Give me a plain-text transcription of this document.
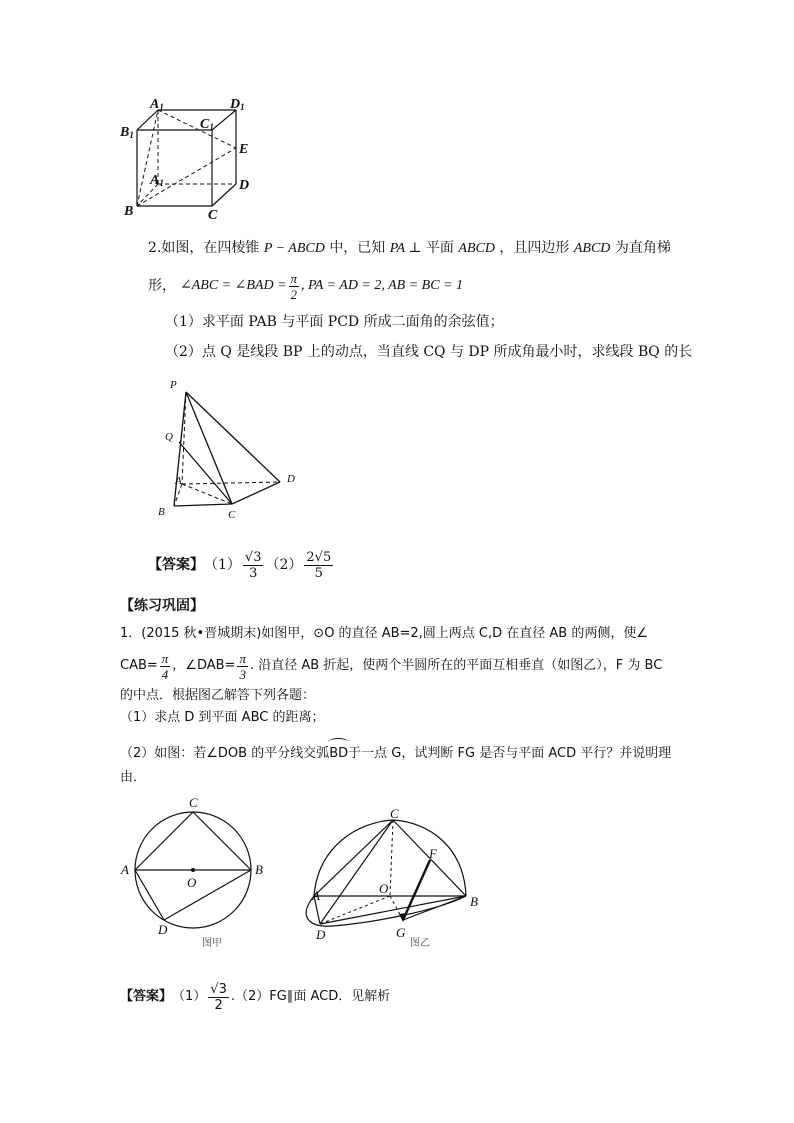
A1	D1
B1
C1
E
A1	D
B	C
2.如图，在四棱锥 P − ABCD 中，已知 PA ⊥ 平面 ABCD ，且四边形 ABCD 为直角梯
形， ∠ABC = ∠BAD = $\frac{\pi}{2}$ , PA = AD = 2, AB = BC = 1
（1）求平面 PAB 与平面 PCD 所成二面角的余弦值；
（2）点 Q 是线段 BP 上的动点，当直线 CQ 与 DP 所成角最小时，求线段 BQ 的长
P
Q
A	D
B	C
【答案】 $(1) \frac{√3}{3} (2) \frac{2√5}{5}$
【练习巩固】
1．(2015 秋•晋城期末)如图甲，⊙O 的直径 AB=2,圆上两点 C,D 在直径 AB 的两侧，使∠
$CAB= \frac{\pi}{4}$ ，∠DAB= $\frac{\pi}{3}$ . 沿直径 AB 折起，使两个半圆所在的平面互相垂直（如图乙），F 为 BC
的中点．根据图乙解答下列各题：
（1）求点 D 到平面 ABC 的距离；
（2）如图：若∠DOB 的平分线交弧
BD于一点 G，试判断 FG 是否与平面 ACD 平行？并说明理
由．
C
A
O
B
D
图甲
C
F
A	O
B
D	G
图乙
【答案】 $(1) \frac{√3}{2}$ .（2）FG∥面 ACD．见解析
